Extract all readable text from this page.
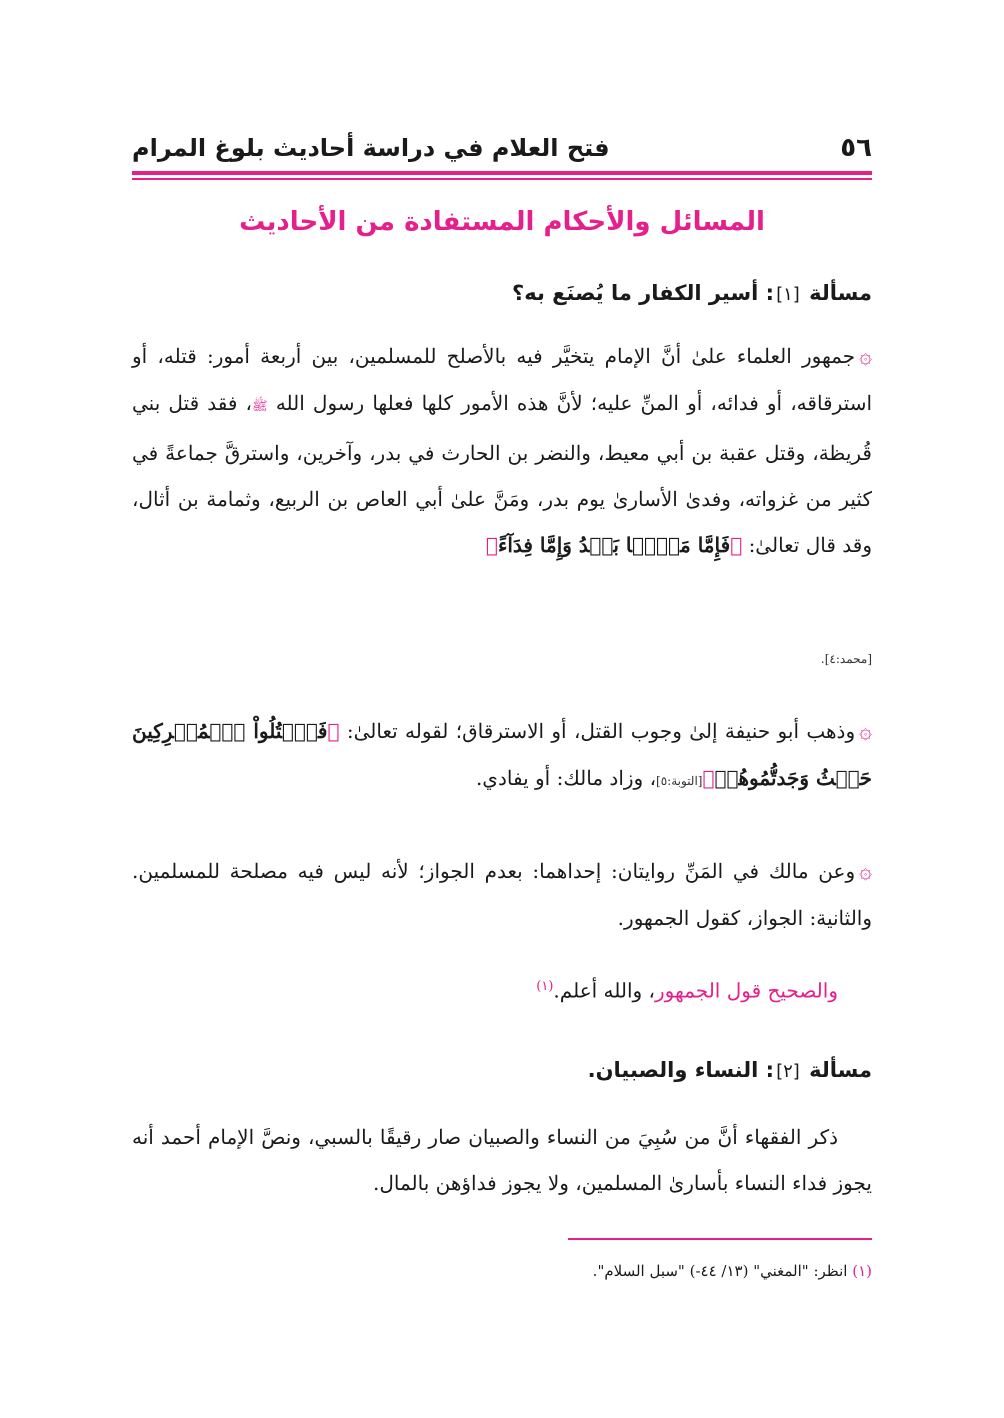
٥٦
فتح العلام في دراسة أحاديث بلوغ المرام
المسائل والأحكام المستفادة من الأحاديث
مسألة [١]: أسير الكفار ما يُصنَع به؟

۞جمهور العلماء علىٰ أنَّ الإمام يتخيَّر فيه بالأصلح للمسلمين، بين أربعة أمور: قتله، أو استرقاقه، أو فدائه، أو المنِّ عليه؛ لأنَّ هذه الأمور كلها فعلها رسول الله ﷺ، فقد قتل بني قُريظة، وقتل عقبة بن أبي معيط، والنضر بن الحارث في بدر، وآخرين، واسترقَّ جماعةً في كثير من غزواته، وفدىٰ الأسارىٰ يوم بدر، ومَنَّ علىٰ أبي العاص بن الربيع، وثمامة بن أثال، وقد قال تعالىٰ: ﴿فَإِمَّا مَنًّۢا بَعۡدُ وَإِمَّا فِدَآءً﴾

[محمد:٤].

۞وذهب أبو حنيفة إلىٰ وجوب القتل، أو الاسترقاق؛ لقوله تعالىٰ: ﴿فَٱقۡتُلُواْ ٱلۡمُشۡرِكِينَ حَيۡثُ وَجَدتُّمُوهُمۡ﴾[التوبة:٥]، وزاد مالك: أو يفادي.

۞وعن مالك في المَنِّ روايتان: إحداهما: بعدم الجواز؛ لأنه ليس فيه مصلحة للمسلمين. والثانية: الجواز، كقول الجمهور.

والصحيح قول الجمهور، والله أعلم.$^{(١)}$

مسألة [٢]: النساء والصبيان.

ذكر الفقهاء أنَّ من سُبِيَ من النساء والصبيان صار رقيقًا بالسبي، ونصَّ الإمام أحمد أنه يجوز فداء النساء بأسارىٰ المسلمين، ولا يجوز فداؤهن بالمال.

(١) انظر: "المغني" (١٣/ ٤٤-) "سبل السلام".
